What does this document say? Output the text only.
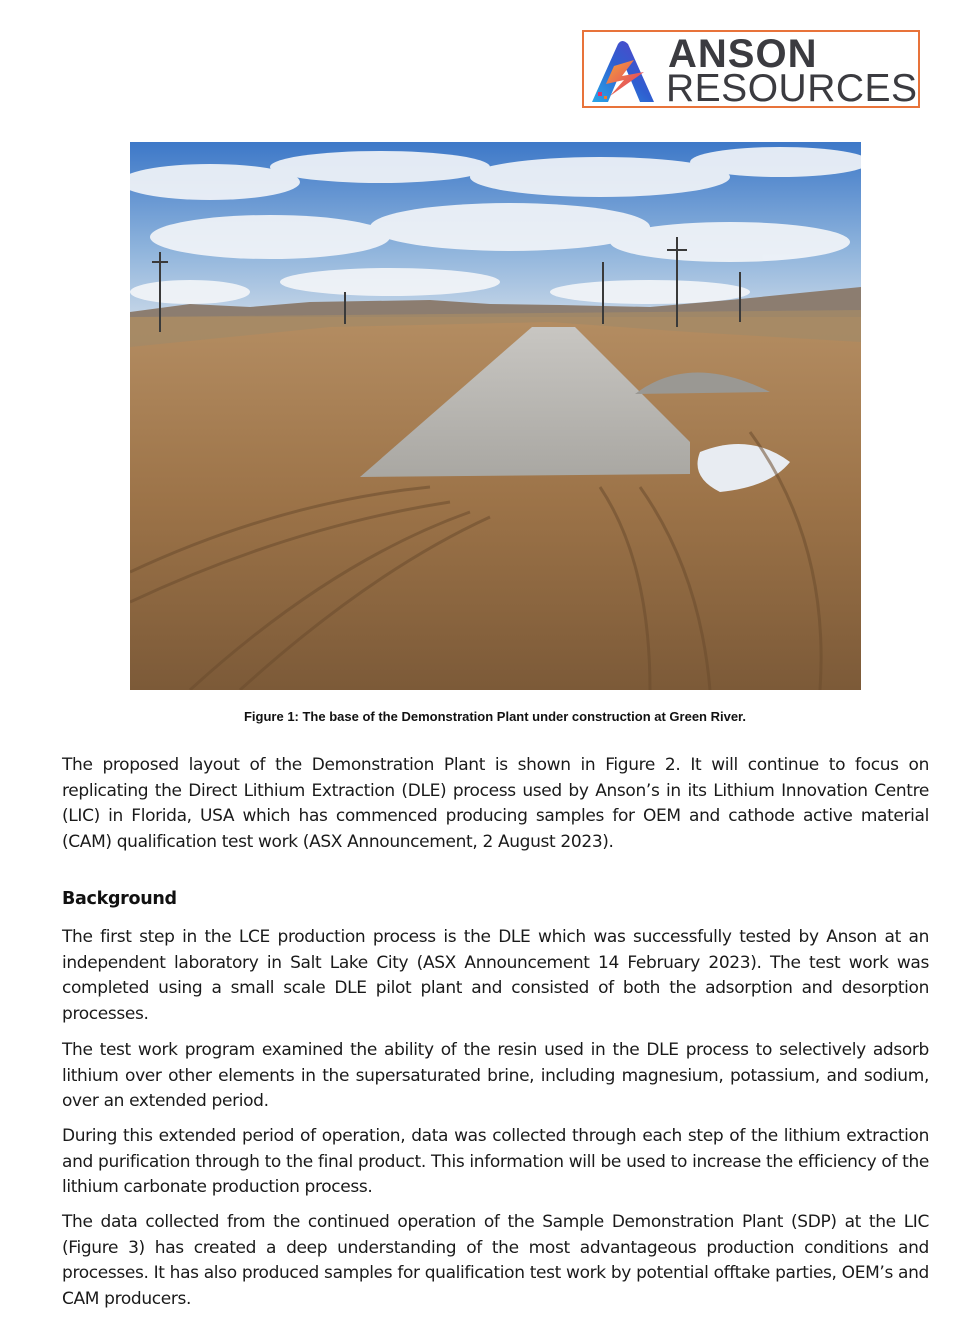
ANSON
RESOURCES
Figure 1: The base of the Demonstration Plant under construction at Green River.

The proposed layout of the Demonstration Plant is shown in Figure 2. It will continue to focus on replicating the Direct Lithium Extraction (DLE) process used by Anson’s in its Lithium Innovation Centre (LIC) in Florida, USA which has commenced producing samples for OEM and cathode active material (CAM) qualification test work (ASX Announcement, 2 August 2023).

Background

The first step in the LCE production process is the DLE which was successfully tested by Anson at an independent laboratory in Salt Lake City (ASX Announcement 14 February 2023). The test work was completed using a small scale DLE pilot plant and consisted of both the adsorption and desorption processes.

The test work program examined the ability of the resin used in the DLE process to selectively adsorb lithium over other elements in the supersaturated brine, including magnesium, potassium, and sodium, over an extended period.

During this extended period of operation, data was collected through each step of the lithium extraction and purification through to the final product. This information will be used to increase the efficiency of the lithium carbonate production process.

The data collected from the continued operation of the Sample Demonstration Plant (SDP) at the LIC (Figure 3) has created a deep understanding of the most advantageous production conditions and processes. It has also produced samples for qualification test work by potential offtake parties, OEM’s and CAM producers.
